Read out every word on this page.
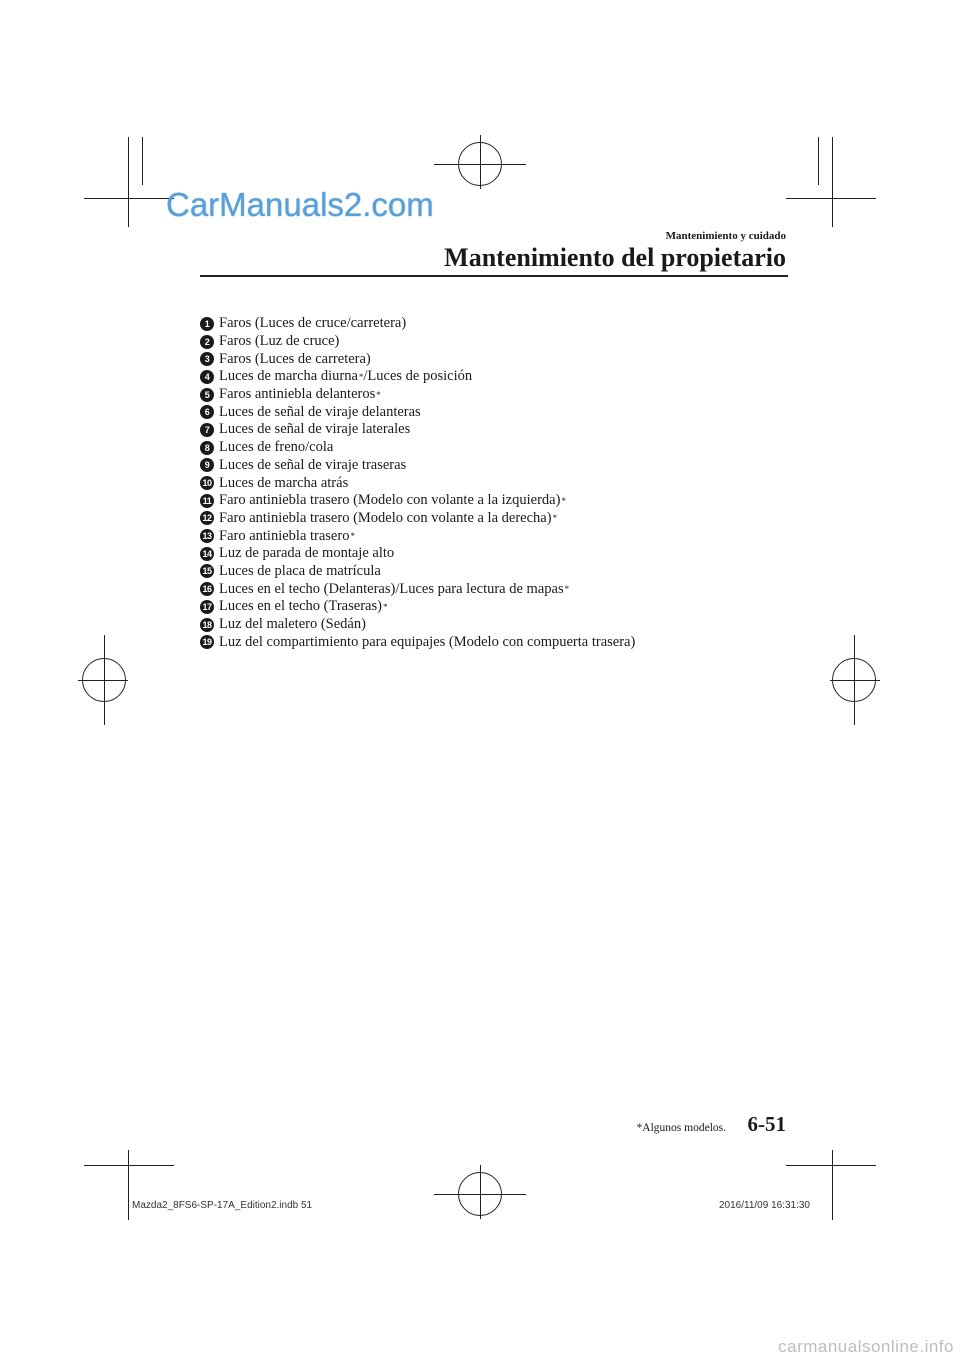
CarManuals2.com
Mantenimiento y cuidado
Mantenimiento del propietario
1 Faros (Luces de cruce/carretera)
2 Faros (Luz de cruce)
3 Faros (Luces de carretera)
4 Luces de marcha diurna * /Luces de posición
5 Faros antiniebla delanteros *
6 Luces de señal de viraje delanteras
7 Luces de señal de viraje laterales
8 Luces de freno/cola
9 Luces de señal de viraje traseras
10 Luces de marcha atrás
11 Faro antiniebla trasero (Modelo con volante a la izquierda) *
12 Faro antiniebla trasero (Modelo con volante a la derecha) *
13 Faro antiniebla trasero *
14 Luz de parada de montaje alto
15 Luces de placa de matrícula
16 Luces en el techo (Delanteras)/Luces para lectura de mapas *
17 Luces en el techo (Traseras) *
18 Luz del maletero (Sedán)
19 Luz del compartimiento para equipajes (Modelo con compuerta trasera)
*Algunos modelos. 6-51
Mazda2_8FS6-SP-17A_Edition2.indb 51	2016/11/09 16:31:30
carmanualsonline.info
